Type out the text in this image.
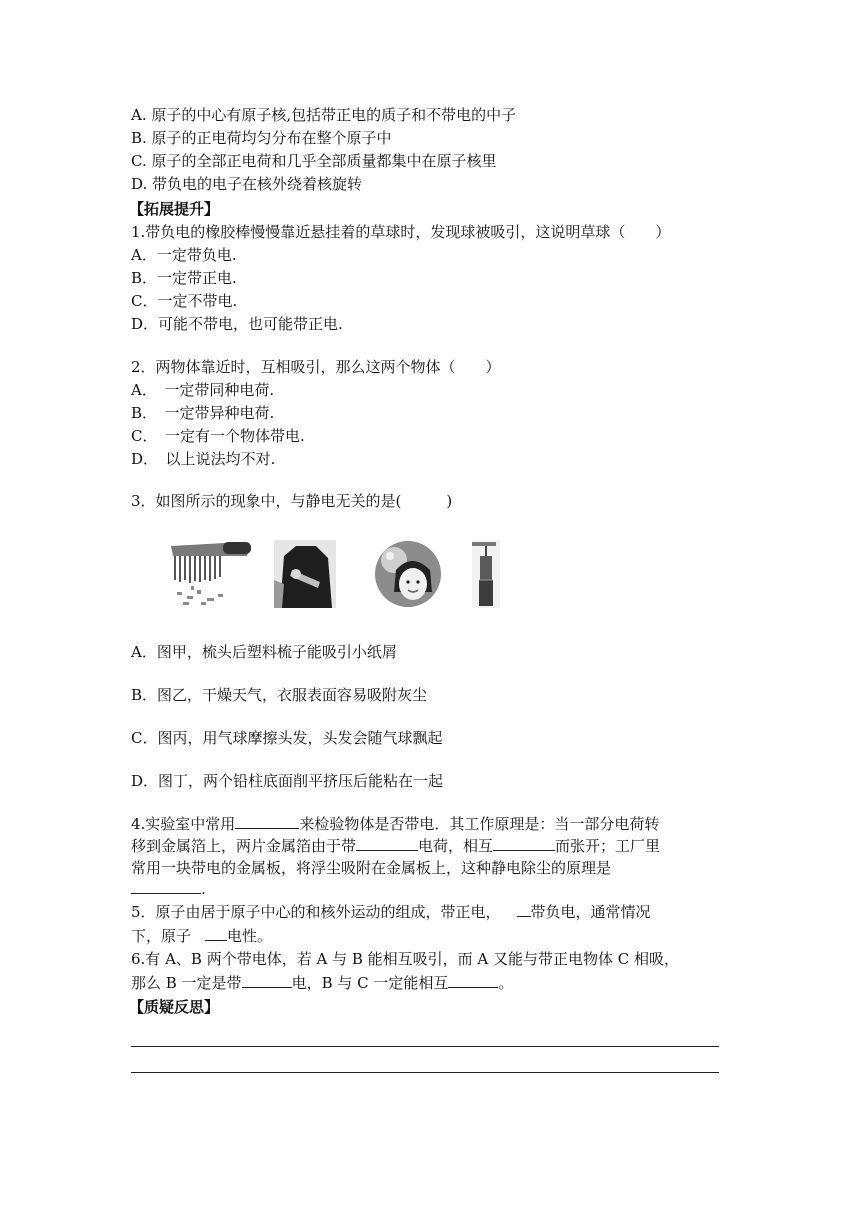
A. 原子的中心有原子核,包括带正电的质子和不带电的中子
B. 原子的正电荷均匀分布在整个原子中
C. 原子的全部正电荷和几乎全部质量都集中在原子核里
D. 带负电的电子在核外绕着核旋转
【拓展提升】
1.带负电的橡胶棒慢慢靠近悬挂着的草球时，发现球被吸引，这说明草球（　　）
A．一定带负电.
B．一定带正电.
C．一定不带电.
D．可能不带电，也可能带正电.
2．两物体靠近时，互相吸引，那么这两个物体（　　）
A．　一定带同种电荷.
B．　一定带异种电荷.
C．　一定有一个物体带电.
D．　以上说法均不对.
3．如图所示的现象中，与静电无关的是(　　　)
A．图甲，梳头后塑料梳子能吸引小纸屑
B．图乙，干燥天气，衣服表面容易吸附灰尘
C．图丙，用气球摩擦头发，头发会随气球飘起
D．图丁，两个铅柱底面削平挤压后能粘在一起
4.实验室中常用	来检验物体是否带电．其工作原理是：当一部分电荷转
移到金属箔上，两片金属箔由于带	电荷，相互	而张开；工厂里
常用一块带电的金属板，将浮尘吸附在金属板上，这种静电除尘的原理是
.
5．原子由居于原子中心的和核外运动的组成，带正电， 带负电，通常情况
下，原子 电性。
6.有 A、B 两个带电体，若 A 与 B 能相互吸引，而 A 又能与带正电物体 C 相吸，
那么 B 一定是带	电，B 与 C 一定能相互	。
【质疑反思】
